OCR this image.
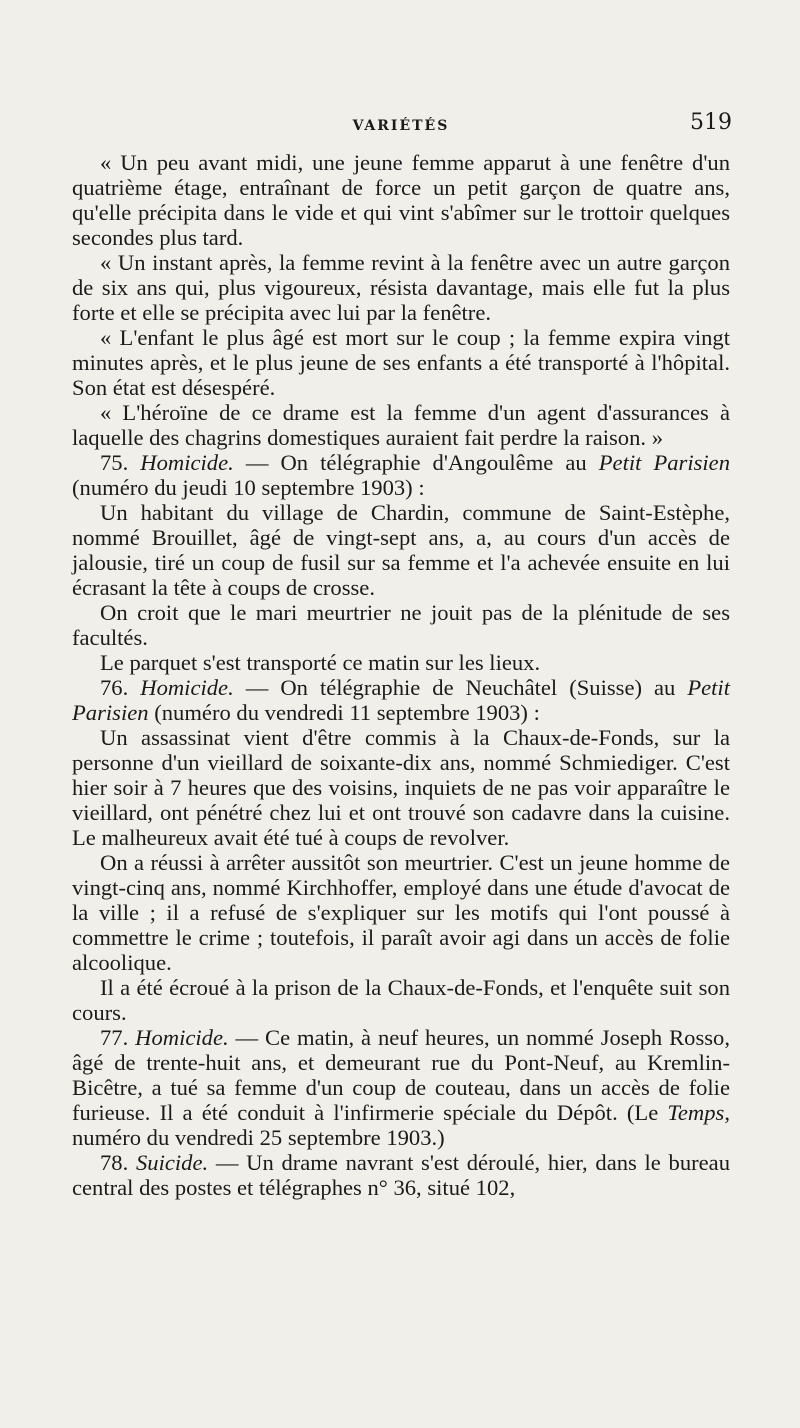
VARIÉTÉS	519

« Un peu avant midi, une jeune femme apparut à une fenêtre d'un quatrième étage, entraînant de force un petit garçon de quatre ans, qu'elle précipita dans le vide et qui vint s'abîmer sur le trottoir quelques secondes plus tard.

« Un instant après, la femme revint à la fenêtre avec un autre garçon de six ans qui, plus vigoureux, résista davantage, mais elle fut la plus forte et elle se précipita avec lui par la fenêtre.

« L'enfant le plus âgé est mort sur le coup ; la femme expira vingt minutes après, et le plus jeune de ses enfants a été transporté à l'hôpital. Son état est désespéré.

« L'héroïne de ce drame est la femme d'un agent d'assurances à laquelle des chagrins domestiques auraient fait perdre la raison. »

75. Homicide. — On télégraphie d'Angoulême au Petit Parisien (numéro du jeudi 10 septembre 1903) :

Un habitant du village de Chardin, commune de Saint-Estèphe, nommé Brouillet, âgé de vingt-sept ans, a, au cours d'un accès de jalousie, tiré un coup de fusil sur sa femme et l'a achevée ensuite en lui écrasant la tête à coups de crosse.

On croit que le mari meurtrier ne jouit pas de la plénitude de ses facultés.

Le parquet s'est transporté ce matin sur les lieux.

76. Homicide. — On télégraphie de Neuchâtel (Suisse) au Petit Parisien (numéro du vendredi 11 septembre 1903) :

Un assassinat vient d'être commis à la Chaux-de-Fonds, sur la personne d'un vieillard de soixante-dix ans, nommé Schmiediger. C'est hier soir à 7 heures que des voisins, inquiets de ne pas voir apparaître le vieillard, ont pénétré chez lui et ont trouvé son cadavre dans la cuisine. Le malheureux avait été tué à coups de revolver.

On a réussi à arrêter aussitôt son meurtrier. C'est un jeune homme de vingt-cinq ans, nommé Kirchhoffer, employé dans une étude d'avocat de la ville ; il a refusé de s'expliquer sur les motifs qui l'ont poussé à commettre le crime ; toutefois, il paraît avoir agi dans un accès de folie alcoolique.

Il a été écroué à la prison de la Chaux-de-Fonds, et l'enquête suit son cours.

77. Homicide. — Ce matin, à neuf heures, un nommé Joseph Rosso, âgé de trente-huit ans, et demeurant rue du Pont-Neuf, au Kremlin-Bicêtre, a tué sa femme d'un coup de couteau, dans un accès de folie furieuse. Il a été conduit à l'infirmerie spéciale du Dépôt. (Le Temps, numéro du vendredi 25 septembre 1903.)

78. Suicide. — Un drame navrant s'est déroulé, hier, dans le bureau central des postes et télégraphes n° 36, situé 102,
